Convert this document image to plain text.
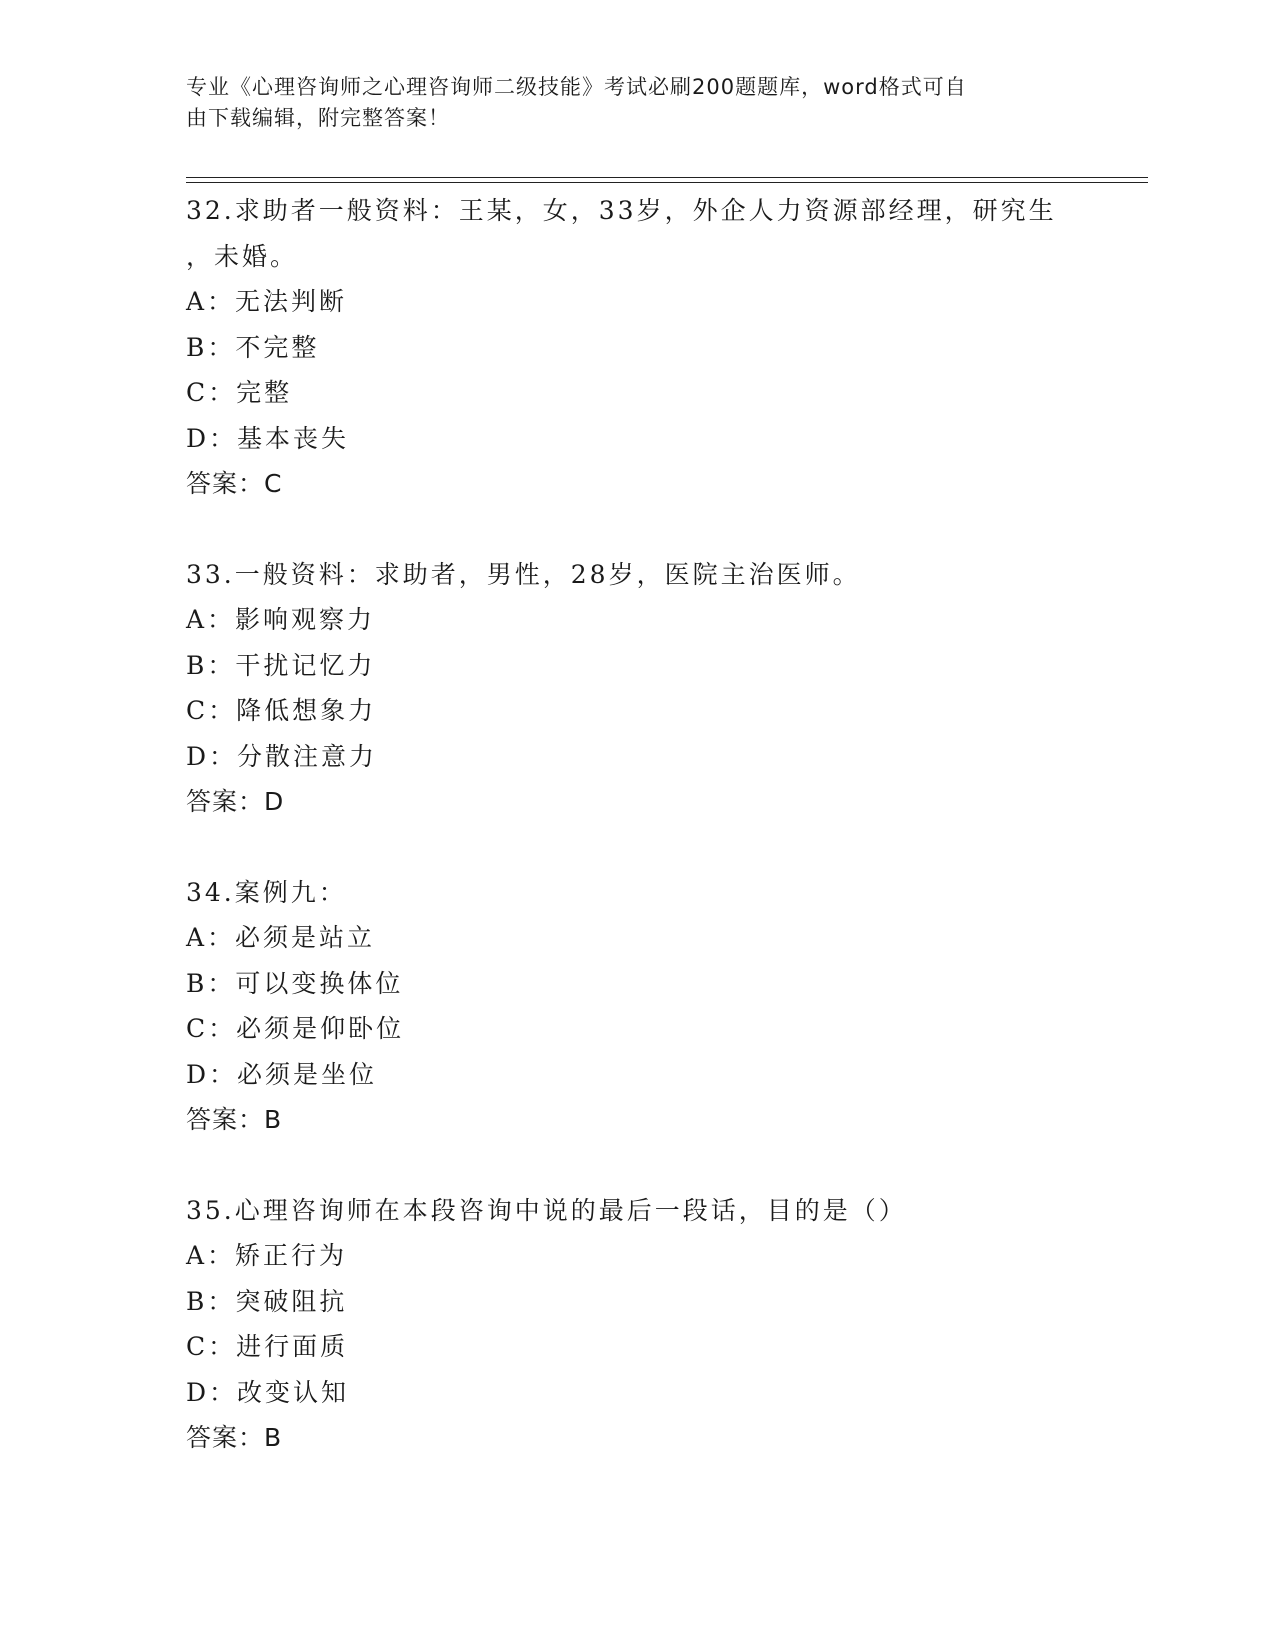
专业《心理咨询师之心理咨询师二级技能》考试必刷200题题库，word格式可自
由下载编辑，附完整答案！

32.求助者一般资料：王某，女，33岁，外企人力资源部经理，研究生

，未婚。

A：无法判断

B：不完整

C：完整

D：基本丧失

答案：C

33.一般资料：求助者，男性，28岁，医院主治医师。

A：影响观察力

B：干扰记忆力

C：降低想象力

D：分散注意力

答案：D

34.案例九：

A：必须是站立

B：可以变换体位

C：必须是仰卧位

D：必须是坐位

答案：B

35.心理咨询师在本段咨询中说的最后一段话，目的是（）

A：矫正行为

B：突破阻抗

C：进行面质

D：改变认知

答案：B
